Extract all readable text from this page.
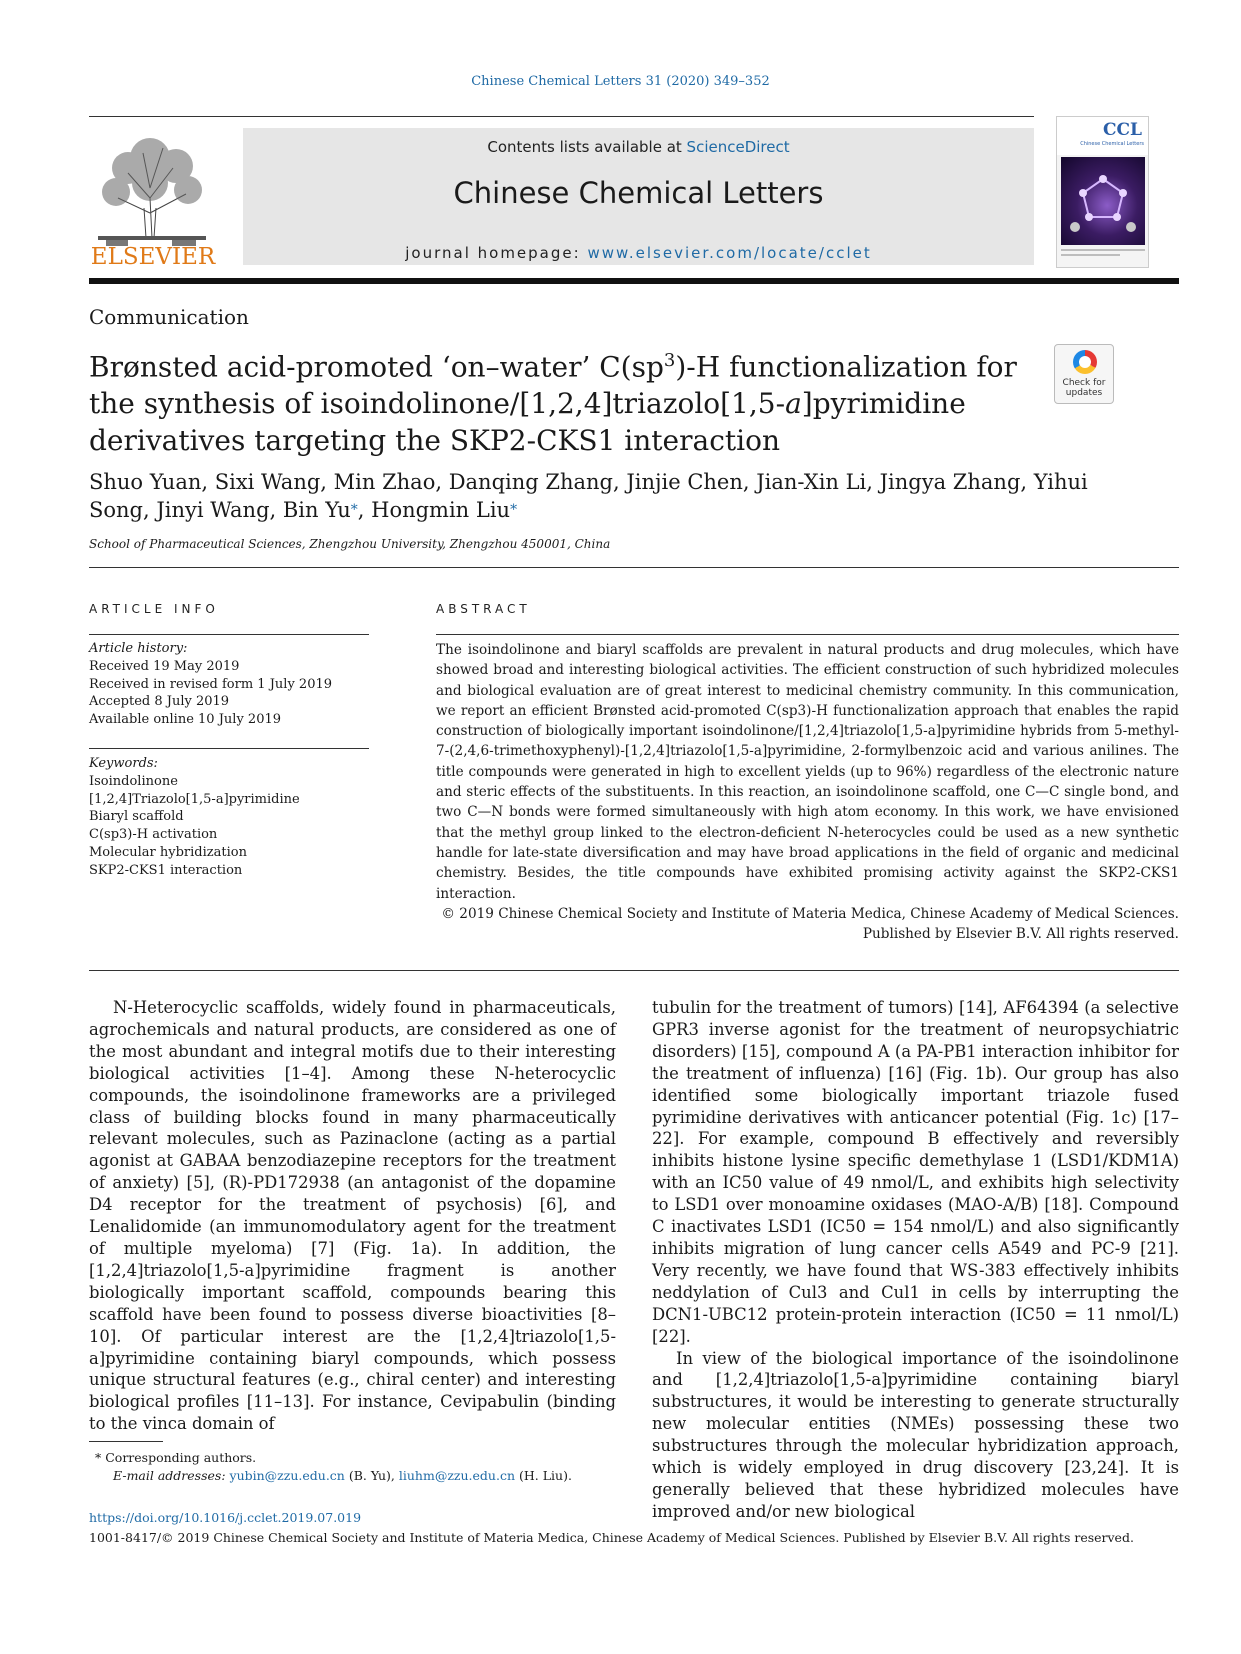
Chinese Chemical Letters 31 (2020) 349–352
ELSEVIER
Contents lists available at ScienceDirect
Chinese Chemical Letters
journal homepage: www.elsevier.com/locate/cclet
CCL
Chinese Chemical Letters
Communication
Brønsted acid-promoted ‘on–water’ $C(sp^3)-H$ functionalization for the synthesis of isoindolinone/[1,2,4]triazolo[1,5-a]pyrimidine derivatives targeting the SKP2-CKS1 interaction
Check for updates
Shuo Yuan, Sixi Wang, Min Zhao, Danqing Zhang, Jinjie Chen, Jian-Xin Li, Jingya Zhang, Yihui Song, Jinyi Wang, Bin Yu*, Hongmin Liu*
School of Pharmaceutical Sciences, Zhengzhou University, Zhengzhou 450001, China
ARTICLE INFO	ABSTRACT
Article history:
Received 19 May 2019
Received in revised form 1 July 2019
Accepted 8 July 2019
Available online 10 July 2019
Keywords:
Isoindolinone
[1,2,4]Triazolo[1,5-a]pyrimidine
Biaryl scaffold
C(sp3)-H activation
Molecular hybridization
SKP2-CKS1 interaction
The isoindolinone and biaryl scaffolds are prevalent in natural products and drug molecules, which have showed broad and interesting biological activities. The efficient construction of such hybridized molecules and biological evaluation are of great interest to medicinal chemistry community. In this communication, we report an efficient Brønsted acid-promoted C(sp3)-H functionalization approach that enables the rapid construction of biologically important isoindolinone/[1,2,4]triazolo[1,5-a]pyrimidine hybrids from 5-methyl-7-(2,4,6-trimethoxyphenyl)-[1,2,4]triazolo[1,5-a]pyrimidine, 2-formylbenzoic acid and various anilines. The title compounds were generated in high to excellent yields (up to 96%) regardless of the electronic nature and steric effects of the substituents. In this reaction, an isoindolinone scaffold, one C—C single bond, and two C—N bonds were formed simultaneously with high atom economy. In this work, we have envisioned that the methyl group linked to the electron-deficient N-heterocycles could be used as a new synthetic handle for late-state diversification and may have broad applications in the field of organic and medicinal chemistry. Besides, the title compounds have exhibited promising activity against the SKP2-CKS1 interaction.
© 2019 Chinese Chemical Society and Institute of Materia Medica, Chinese Academy of Medical Sciences.
Published by Elsevier B.V. All rights reserved.

N-Heterocyclic scaffolds, widely found in pharmaceuticals, agrochemicals and natural products, are considered as one of the most abundant and integral motifs due to their interesting biological activities [1–4]. Among these N-heterocyclic compounds, the isoindolinone frameworks are a privileged class of building blocks found in many pharmaceutically relevant molecules, such as Pazinaclone (acting as a partial agonist at GABAA benzodiazepine receptors for the treatment of anxiety) [5], (R)-PD172938 (an antagonist of the dopamine D4 receptor for the treatment of psychosis) [6], and Lenalidomide (an immunomodulatory agent for the treatment of multiple myeloma) [7] (Fig. 1a). In addition, the [1,2,4]triazolo[1,5-a]pyrimidine fragment is another biologically important scaffold, compounds bearing this scaffold have been found to possess diverse bioactivities [8–10]. Of particular interest are the [1,2,4]triazolo[1,5-a]pyrimidine containing biaryl compounds, which possess unique structural features (e.g., chiral center) and interesting biological profiles [11–13]. For instance, Cevipabulin (binding to the vinca domain of

tubulin for the treatment of tumors) [14], AF64394 (a selective GPR3 inverse agonist for the treatment of neuropsychiatric disorders) [15], compound A (a PA-PB1 interaction inhibitor for the treatment of influenza) [16] (Fig. 1b). Our group has also identified some biologically important triazole fused pyrimidine derivatives with anticancer potential (Fig. 1c) [17–22]. For example, compound B effectively and reversibly inhibits histone lysine specific demethylase 1 (LSD1/KDM1A) with an IC50 value of 49 nmol/L, and exhibits high selectivity to LSD1 over monoamine oxidases (MAO-A/B) [18]. Compound C inactivates LSD1 (IC50 = 154 nmol/L) and also significantly inhibits migration of lung cancer cells A549 and PC-9 [21]. Very recently, we have found that WS-383 effectively inhibits neddylation of Cul3 and Cul1 in cells by interrupting the DCN1-UBC12 protein-protein interaction (IC50 = 11 nmol/L) [22].

In view of the biological importance of the isoindolinone and [1,2,4]triazolo[1,5-a]pyrimidine containing biaryl substructures, it would be interesting to generate structurally new molecular entities (NMEs) possessing these two substructures through the molecular hybridization approach, which is widely employed in drug discovery [23,24]. It is generally believed that these hybridized molecules have improved and/or new biological

* Corresponding authors.
E-mail addresses: yubin@zzu.edu.cn (B. Yu), liuhm@zzu.edu.cn (H. Liu).
https://doi.org/10.1016/j.cclet.2019.07.019
1001-8417/© 2019 Chinese Chemical Society and Institute of Materia Medica, Chinese Academy of Medical Sciences. Published by Elsevier B.V. All rights reserved.
